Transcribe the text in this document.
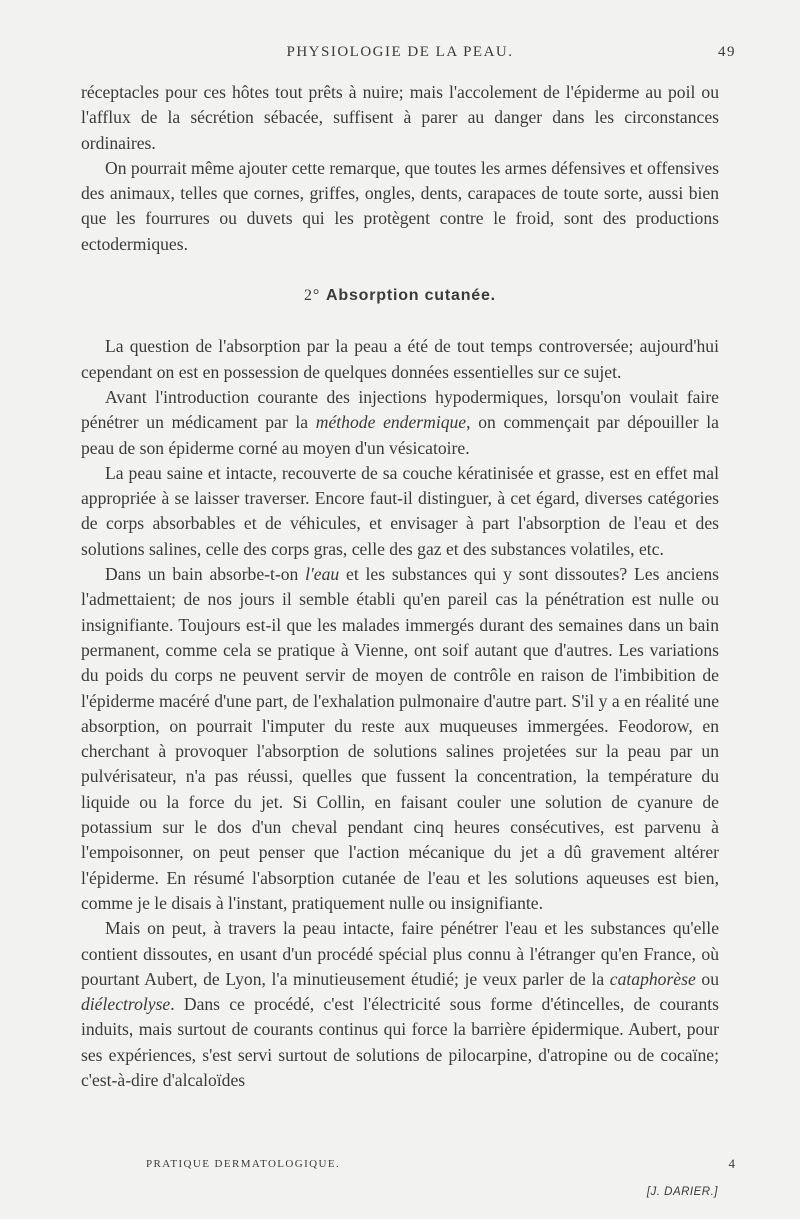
PHYSIOLOGIE DE LA PEAU.	49

réceptacles pour ces hôtes tout prêts à nuire; mais l'accolement de l'épiderme au poil ou l'afflux de la sécrétion sébacée, suffisent à parer au danger dans les circonstances ordinaires.

On pourrait même ajouter cette remarque, que toutes les armes défensives et offensives des animaux, telles que cornes, griffes, ongles, dents, carapaces de toute sorte, aussi bien que les fourrures ou duvets qui les protègent contre le froid, sont des productions ectodermiques.

2° Absorption cutanée.

La question de l'absorption par la peau a été de tout temps controversée; aujourd'hui cependant on est en possession de quelques données essentielles sur ce sujet.

Avant l'introduction courante des injections hypodermiques, lorsqu'on voulait faire pénétrer un médicament par la méthode endermique, on commençait par dépouiller la peau de son épiderme corné au moyen d'un vésicatoire.

La peau saine et intacte, recouverte de sa couche kératinisée et grasse, est en effet mal appropriée à se laisser traverser. Encore faut-il distinguer, à cet égard, diverses catégories de corps absorbables et de véhicules, et envisager à part l'absorption de l'eau et des solutions salines, celle des corps gras, celle des gaz et des substances volatiles, etc.

Dans un bain absorbe-t-on l'eau et les substances qui y sont dissoutes? Les anciens l'admettaient; de nos jours il semble établi qu'en pareil cas la pénétration est nulle ou insignifiante. Toujours est-il que les malades immergés durant des semaines dans un bain permanent, comme cela se pratique à Vienne, ont soif autant que d'autres. Les variations du poids du corps ne peuvent servir de moyen de contrôle en raison de l'imbibition de l'épiderme macéré d'une part, de l'exhalation pulmonaire d'autre part. S'il y a en réalité une absorption, on pourrait l'imputer du reste aux muqueuses immergées. Feodorow, en cherchant à provoquer l'absorption de solutions salines projetées sur la peau par un pulvérisateur, n'a pas réussi, quelles que fussent la concentration, la température du liquide ou la force du jet. Si Collin, en faisant couler une solution de cyanure de potassium sur le dos d'un cheval pendant cinq heures consécutives, est parvenu à l'empoisonner, on peut penser que l'action mécanique du jet a dû gravement altérer l'épiderme. En résumé l'absorption cutanée de l'eau et les solutions aqueuses est bien, comme je le disais à l'instant, pratiquement nulle ou insignifiante.

Mais on peut, à travers la peau intacte, faire pénétrer l'eau et les substances qu'elle contient dissoutes, en usant d'un procédé spécial plus connu à l'étranger qu'en France, où pourtant Aubert, de Lyon, l'a minutieusement étudié; je veux parler de la cataphorèse ou diélectrolyse. Dans ce procédé, c'est l'électricité sous forme d'étincelles, de courants induits, mais surtout de courants continus qui force la barrière épidermique. Aubert, pour ses expériences, s'est servi surtout de solutions de pilocarpine, d'atropine ou de cocaïne; c'est-à-dire d'alcaloïdes

PRATIQUE DERMATOLOGIQUE.	4
[J. DARIER.]
